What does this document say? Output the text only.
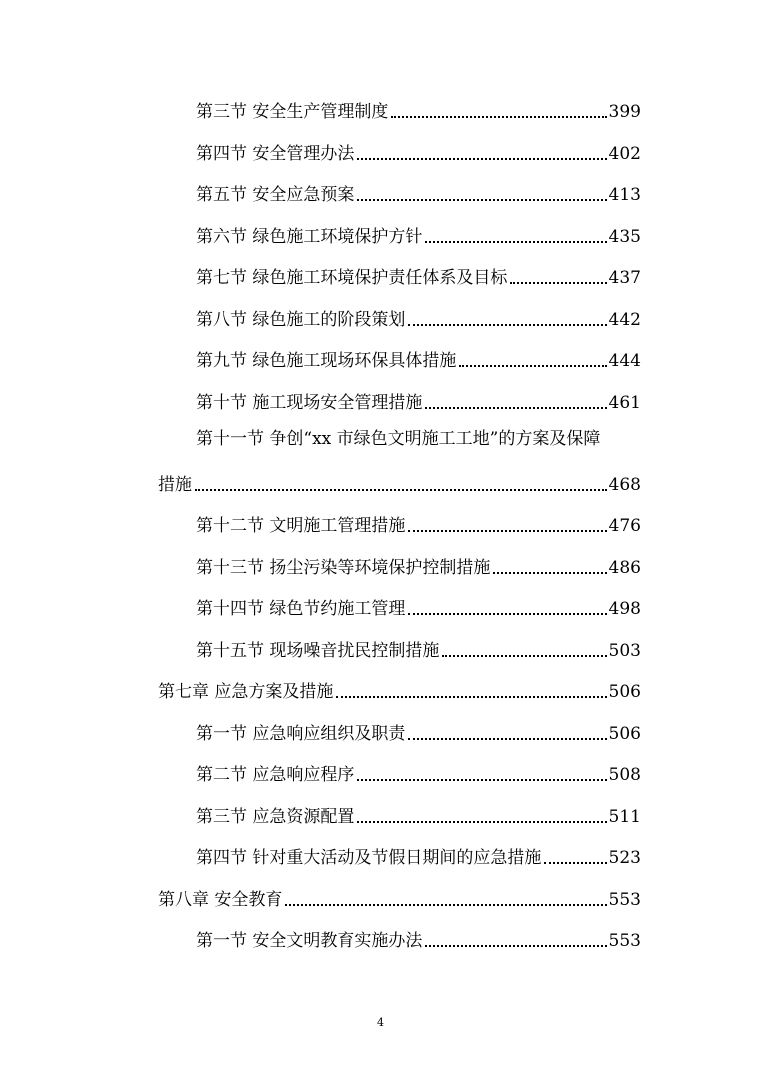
第三节 安全生产管理制度	399
第四节 安全管理办法	402
第五节 安全应急预案	413
第六节 绿色施工环境保护方针	435
第七节 绿色施工环境保护责任体系及目标	437
第八节 绿色施工的阶段策划	442
第九节 绿色施工现场环保具体措施	444
第十节 施工现场安全管理措施	461
第十一节 争创“xx 市绿色文明施工工地”的方案及保障
措施	468
第十二节 文明施工管理措施	476
第十三节 扬尘污染等环境保护控制措施	486
第十四节 绿色节约施工管理	498
第十五节 现场噪音扰民控制措施	503
第七章 应急方案及措施	506
第一节 应急响应组织及职责	506
第二节 应急响应程序	508
第三节 应急资源配置	511
第四节 针对重大活动及节假日期间的应急措施	523
第八章 安全教育	553
第一节 安全文明教育实施办法	553
4
